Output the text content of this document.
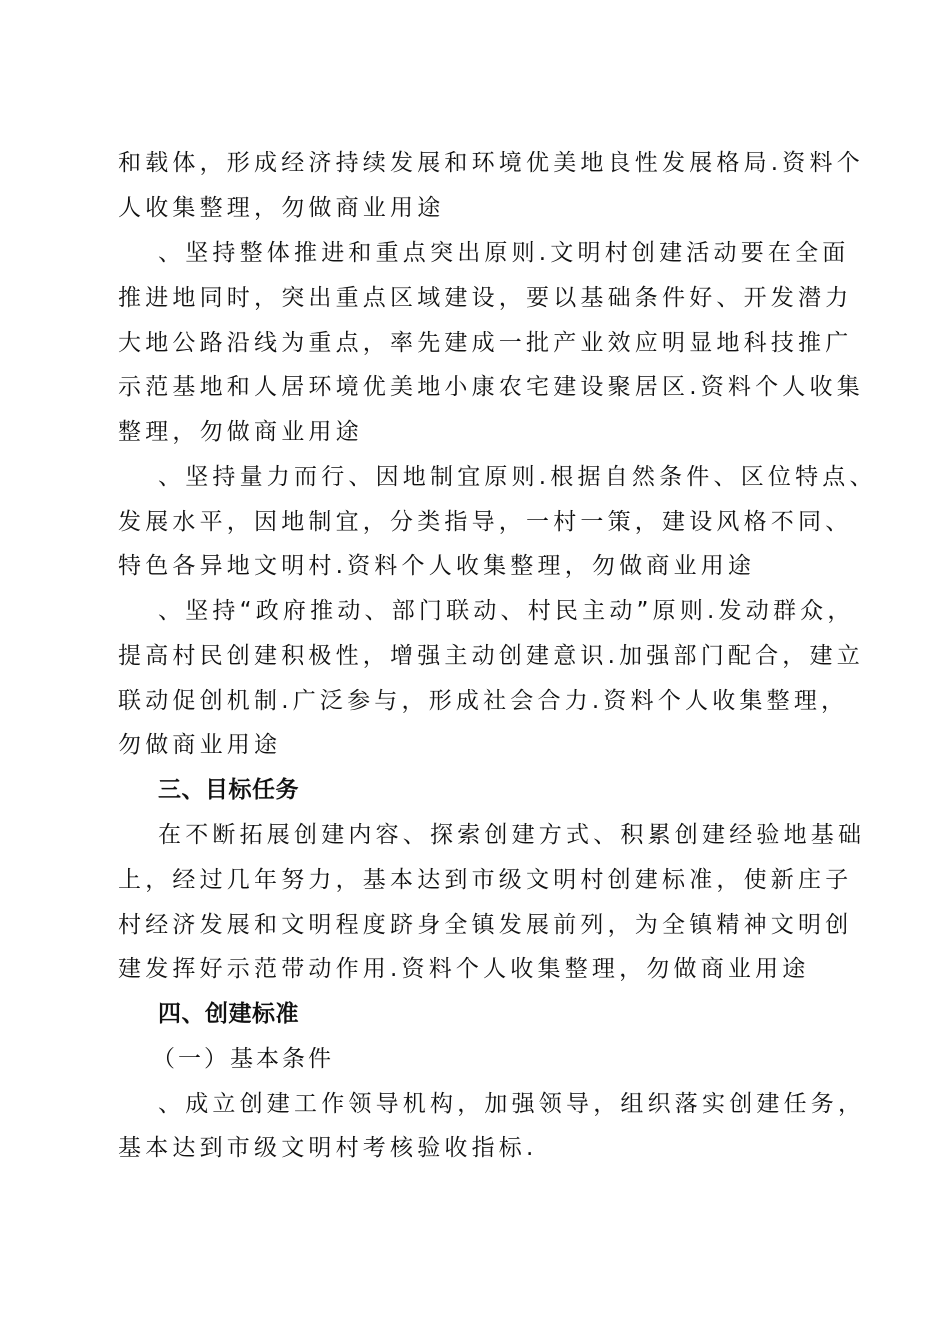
和载体，形成经济持续发展和环境优美地良性发展格局.资料个
人收集整理，勿做商业用途
、坚持整体推进和重点突出原则.文明村创建活动要在全面
推进地同时，突出重点区域建设，要以基础条件好、开发潜力
大地公路沿线为重点，率先建成一批产业效应明显地科技推广
示范基地和人居环境优美地小康农宅建设聚居区.资料个人收集
整理，勿做商业用途
、坚持量力而行、因地制宜原则.根据自然条件、区位特点、
发展水平，因地制宜，分类指导，一村一策，建设风格不同、
特色各异地文明村.资料个人收集整理，勿做商业用途
、坚持“政府推动、部门联动、村民主动”原则.发动群众，
提高村民创建积极性，增强主动创建意识.加强部门配合，建立
联动促创机制.广泛参与，形成社会合力.资料个人收集整理，
勿做商业用途
三、目标任务
在不断拓展创建内容、探索创建方式、积累创建经验地基础
上，经过几年努力，基本达到市级文明村创建标准，使新庄子
村经济发展和文明程度跻身全镇发展前列，为全镇精神文明创
建发挥好示范带动作用.资料个人收集整理，勿做商业用途
四、创建标准
（一）基本条件
、成立创建工作领导机构，加强领导，组织落实创建任务，
基本达到市级文明村考核验收指标.
